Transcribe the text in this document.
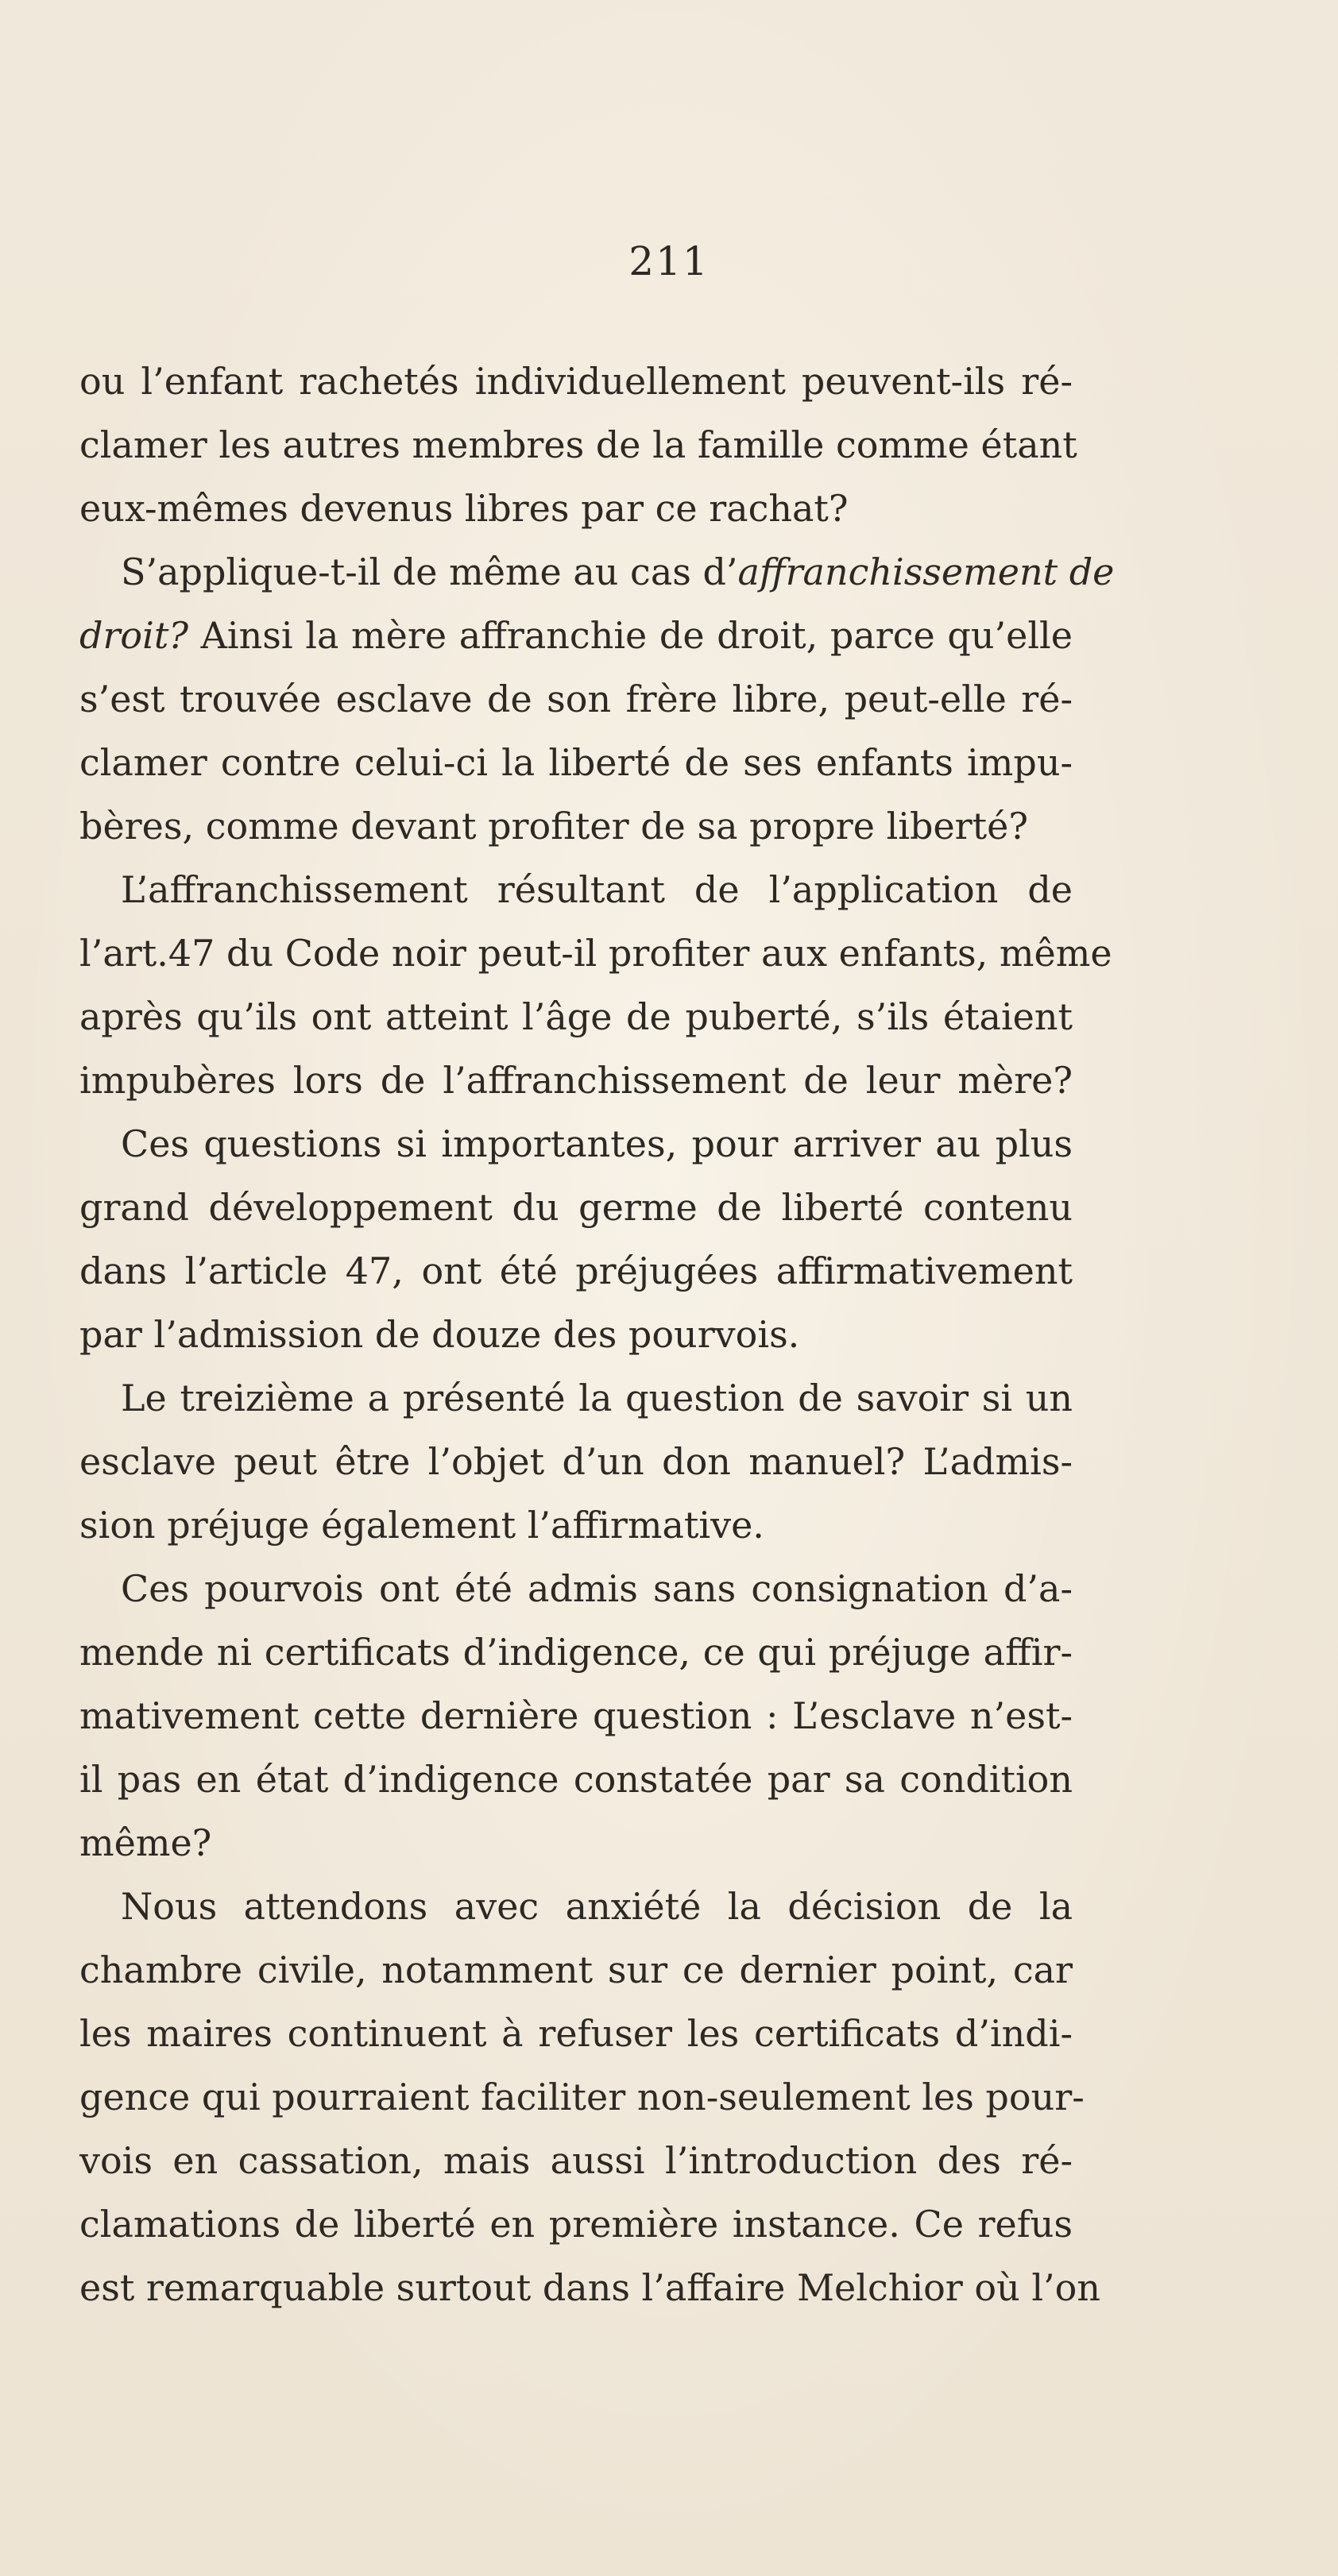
211
ou l’enfant rachetés individuellement peuvent-ils ré-
clamer les autres membres de la famille comme étant
eux-mêmes devenus libres par ce rachat?
S’applique-t-il de même au cas d’affranchissement de
droit? Ainsi la mère affranchie de droit, parce qu’elle
s’est trouvée esclave de son frère libre, peut-elle ré-
clamer contre celui-ci la liberté de ses enfants impu-
bères, comme devant profiter de sa propre liberté?
L’affranchissement résultant de l’application de
l’art.47 du Code noir peut-il profiter aux enfants, même
après qu’ils ont atteint l’âge de puberté, s’ils étaient
impubères lors de l’affranchissement de leur mère?
Ces questions si importantes, pour arriver au plus
grand développement du germe de liberté contenu
dans l’article 47, ont été préjugées affirmativement
par l’admission de douze des pourvois.
Le treizième a présenté la question de savoir si un
esclave peut être l’objet d’un don manuel? L’admis-
sion préjuge également l’affirmative.
Ces pourvois ont été admis sans consignation d’a-
mende ni certificats d’indigence, ce qui préjuge affir-
mativement cette dernière question : L’esclave n’est-
il pas en état d’indigence constatée par sa condition
même?
Nous attendons avec anxiété la décision de la
chambre civile, notamment sur ce dernier point, car
les maires continuent à refuser les certificats d’indi-
gence qui pourraient faciliter non-seulement les pour-
vois en cassation, mais aussi l’introduction des ré-
clamations de liberté en première instance. Ce refus
est remarquable surtout dans l’affaire Melchior où l’on
